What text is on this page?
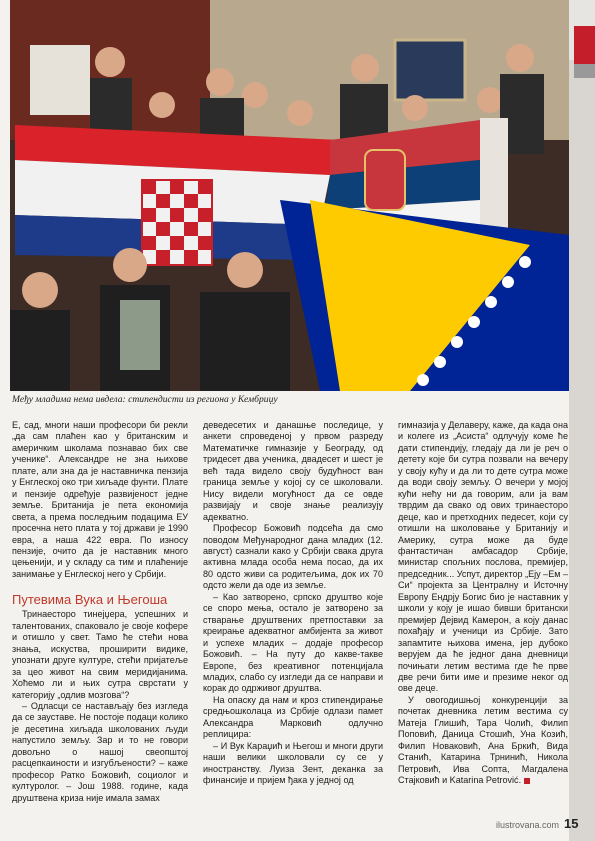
Међу младима нема ивдела: стипендисти из региона у Кембриџу

Е, сад, многи наши професори би рекли „да сам плаћен као у британским и америчким школама познавао бих све ученике“. Александре не зна њихове плате, али зна да је наставничка пензија у Енглеској око три хиљаде фунти. Плате и пензије одређује развијеност једне земље. Британија је пета економија света, а према последњим подацима ЕУ просечна нето плата у тој држави је 1990 евра, а наша 422 евра. По износу пензије, очито да је наставник много цењенији, и у складу са тим и плаћеније занимање у Енглеској него у Србији.

Путевима Вука и Његоша

Тринаесторо тинејџера, успешних и талентованих, спаковало је своје кофере и отишло у свет. Тамо ће стећи нова знања, искуства, проширити видике, упознати друге културе, стећи пријатеље за цео живот на свим меридијанима. Хоћемо ли и њих сутра сврстати у категорију „одлив мозгова“?

– Одласци се настављају без изгледа да се зауставе. Не постоје подаци колико је десетина хиљада школованих људи напустило земљу. Зар и то не говори довољно о нашој свеопштој расцепкаиности и изгубљености? – каже професор Ратко Божовић, социолог и културолог. – Још 1988. године, када друштвена криза није имала замах

деведесетих и данашње последице, у анкети спроведеној у првом разреду Математичке гимназије у Београду, од тридесет два ученика, двадесет и шест је већ тада видело своју будућност ван граница земље у којој су се школовали. Нису видели могућност да се овде развијају и своје знање реализују адекватно.

Професор Божовић подсећа да смо поводом Међународног дана младих (12. август) сазнали како у Србији свака друга активна млада особа нема посао, да их 80 одсто живи са родитељима, док их 70 одсто жели да оде из земље.

– Као затворено, српско друштво које се споро мења, остало је затворено за стварање друштвених претпоставки за креирање адекватног амбијента за живот и успехе младих – додаје професор Божовић. – На путу до какве-такве Европе, без креативног потенцијала младих, слабо су изгледи да се направи и корак до одрживог друштва.

На опаску да нам и кроз стипендирање средњошколаца из Србије одлази памет Александра Марковић одлучно реплицира:

– И Вук Караџић и Његош и многи други наши велики школовали су се у иностранству. Луиза Зент, деканка за финансије и пријем ђака у једној од

гимназија у Делаверу, каже, да када она и колеге из „Асиста“ одлучују коме ће дати стипендију, гледају да ли је реч о детету које би сутра позвали на вечеру у своју кућу и да ли то дете сутра може да води своју земљу. О вечери у мојој кући нећу ни да говорим, али ја вам тврдим да свако од ових тринаесторо деце, као и претходних педесет, који су отишли на школовање у Британију и Америку, сутра може да буде фантастичан амбасадор Србије, министар спољних послова, премијер, председник... Успут, директор „Еју –Ем –Си“ пројекта за Централну и Источну Европу Ендрју Богис био је наставник у школи у коју је ишао бивши британски премијер Дејвид Камерон, а коју данас похађају и ученици из Србије. Зато запамтите њихова имена, јер дубоко верујем да ће једног дана дневници почињати летим вестима где ће прве две речи бити име и презиме неког од ове деце.

У овогодишњој конкуренцији за почетак дневника летим вестима су Матеја Глишић, Тара Чолић, Филип Поповић, Даница Стошић, Уна Козић, Филип Новаковић, Ана Бркић, Вида Станић, Катарина Трнинић, Никола Петровић, Ива Сопта, Магдалена Стајковић и Katarina Petrović.

ilustrovana.com 15
